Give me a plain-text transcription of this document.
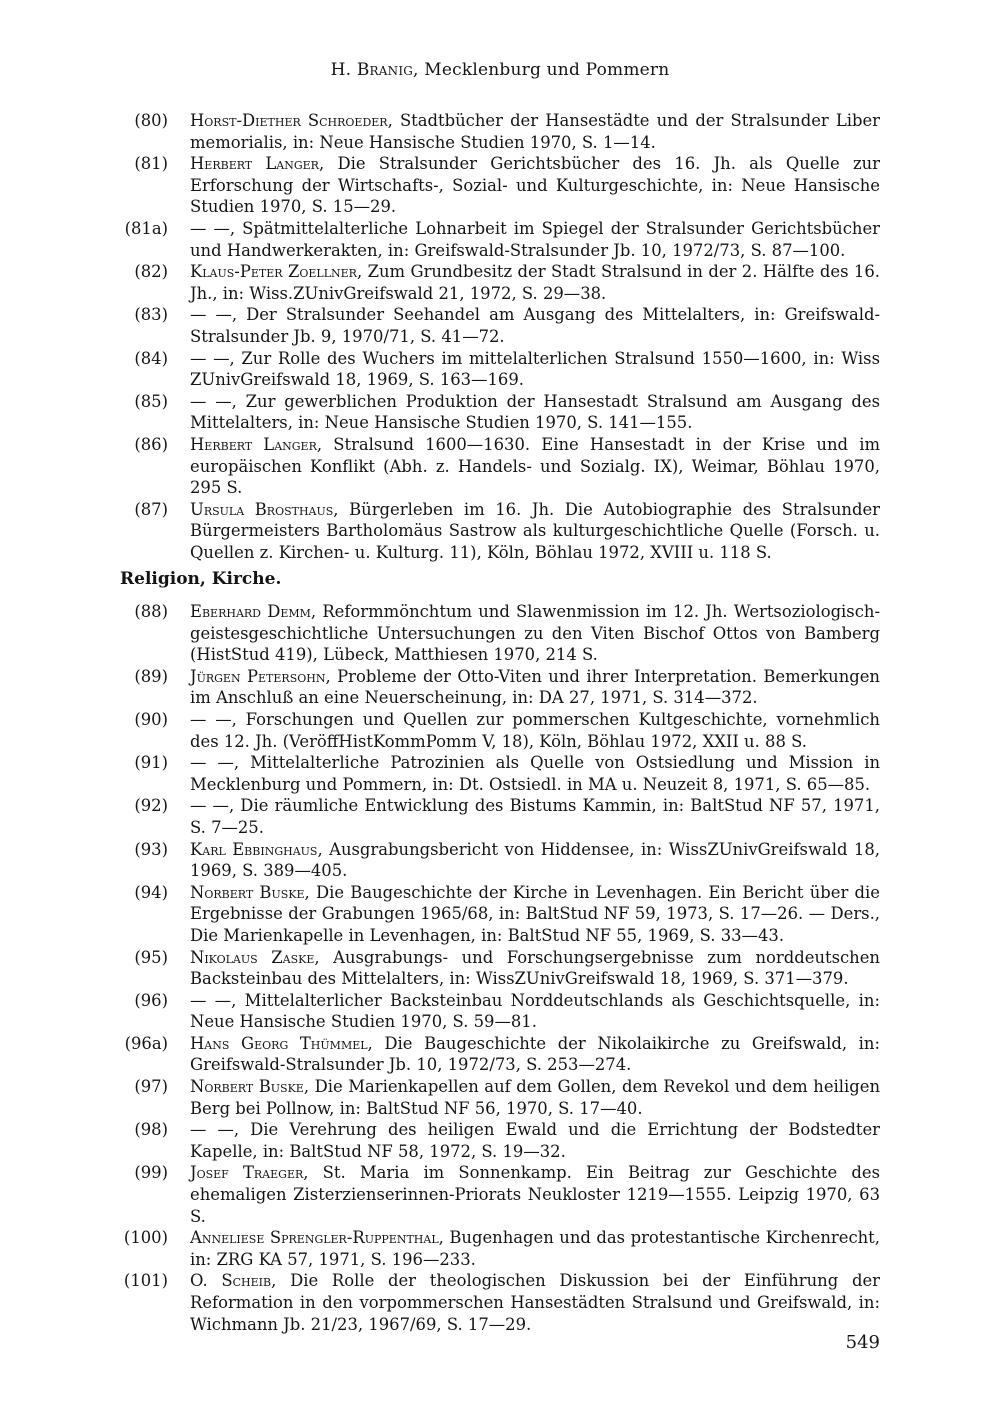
H. Branig, Mecklenburg und Pommern
(80) Horst-Diether Schroeder, Stadtbücher der Hansestädte und der Stralsunder Liber memorialis, in: Neue Hansische Studien 1970, S. 1—14.
(81) Herbert Langer, Die Stralsunder Gerichtsbücher des 16. Jh. als Quelle zur Erforschung der Wirtschafts-, Sozial- und Kulturgeschichte, in: Neue Hansische Studien 1970, S. 15—29.
(81a) — —, Spätmittelalterliche Lohnarbeit im Spiegel der Stralsunder Gerichtsbücher und Handwerkerakten, in: Greifswald-Stralsunder Jb. 10, 1972/73, S. 87—100.
(82) Klaus-Peter Zoellner, Zum Grundbesitz der Stadt Stralsund in der 2. Hälfte des 16. Jh., in: Wiss.ZUnivGreifswald 21, 1972, S. 29—38.
(83) — —, Der Stralsunder Seehandel am Ausgang des Mittelalters, in: Greifswald-Stralsunder Jb. 9, 1970/71, S. 41—72.
(84) — —, Zur Rolle des Wuchers im mittelalterlichen Stralsund 1550—1600, in: Wiss ZUnivGreifswald 18, 1969, S. 163—169.
(85) — —, Zur gewerblichen Produktion der Hansestadt Stralsund am Ausgang des Mittelalters, in: Neue Hansische Studien 1970, S. 141—155.
(86) Herbert Langer, Stralsund 1600—1630. Eine Hansestadt in der Krise und im europäischen Konflikt (Abh. z. Handels- und Sozialg. IX), Weimar, Böhlau 1970, 295 S.
(87) Ursula Brosthaus, Bürgerleben im 16. Jh. Die Autobiographie des Stralsunder Bürgermeisters Bartholomäus Sastrow als kulturgeschichtliche Quelle (Forsch. u. Quellen z. Kirchen- u. Kulturg. 11), Köln, Böhlau 1972, XVIII u. 118 S.
Religion, Kirche.
(88) Eberhard Demm, Reformmönchtum und Slawenmission im 12. Jh. Wertsoziologisch-geistesgeschichtliche Untersuchungen zu den Viten Bischof Ottos von Bamberg (HistStud 419), Lübeck, Matthiesen 1970, 214 S.
(89) Jürgen Petersohn, Probleme der Otto-Viten und ihrer Interpretation. Bemerkungen im Anschluß an eine Neuerscheinung, in: DA 27, 1971, S. 314—372.
(90) — —, Forschungen und Quellen zur pommerschen Kultgeschichte, vornehmlich des 12. Jh. (VeröffHistKommPomm V, 18), Köln, Böhlau 1972, XXII u. 88 S.
(91) — —, Mittelalterliche Patrozinien als Quelle von Ostsiedlung und Mission in Mecklenburg und Pommern, in: Dt. Ostsiedl. in MA u. Neuzeit 8, 1971, S. 65—85.
(92) — —, Die räumliche Entwicklung des Bistums Kammin, in: BaltStud NF 57, 1971, S. 7—25.
(93) Karl Ebbinghaus, Ausgrabungsbericht von Hiddensee, in: WissZUnivGreifswald 18, 1969, S. 389—405.
(94) Norbert Buske, Die Baugeschichte der Kirche in Levenhagen. Ein Bericht über die Ergebnisse der Grabungen 1965/68, in: BaltStud NF 59, 1973, S. 17—26. — Ders., Die Marienkapelle in Levenhagen, in: BaltStud NF 55, 1969, S. 33—43.
(95) Nikolaus Zaske, Ausgrabungs- und Forschungsergebnisse zum norddeutschen Backsteinbau des Mittelalters, in: WissZUnivGreifswald 18, 1969, S. 371—379.
(96) — —, Mittelalterlicher Backsteinbau Norddeutschlands als Geschichtsquelle, in: Neue Hansische Studien 1970, S. 59—81.
(96a) Hans Georg Thümmel, Die Baugeschichte der Nikolaikirche zu Greifswald, in: Greifswald-Stralsunder Jb. 10, 1972/73, S. 253—274.
(97) Norbert Buske, Die Marienkapellen auf dem Gollen, dem Revekol und dem heiligen Berg bei Pollnow, in: BaltStud NF 56, 1970, S. 17—40.
(98) — —, Die Verehrung des heiligen Ewald und die Errichtung der Bodstedter Kapelle, in: BaltStud NF 58, 1972, S. 19—32.
(99) Josef Traeger, St. Maria im Sonnenkamp. Ein Beitrag zur Geschichte des ehemaligen Zisterzienserinnen-Priorats Neukloster 1219—1555. Leipzig 1970, 63 S.
(100) Anneliese Sprengler-Ruppenthal, Bugenhagen und das protestantische Kirchenrecht, in: ZRG KA 57, 1971, S. 196—233.
(101) O. Scheib, Die Rolle der theologischen Diskussion bei der Einführung der Reformation in den vorpommerschen Hansestädten Stralsund und Greifswald, in: Wichmann Jb. 21/23, 1967/69, S. 17—29.
549
